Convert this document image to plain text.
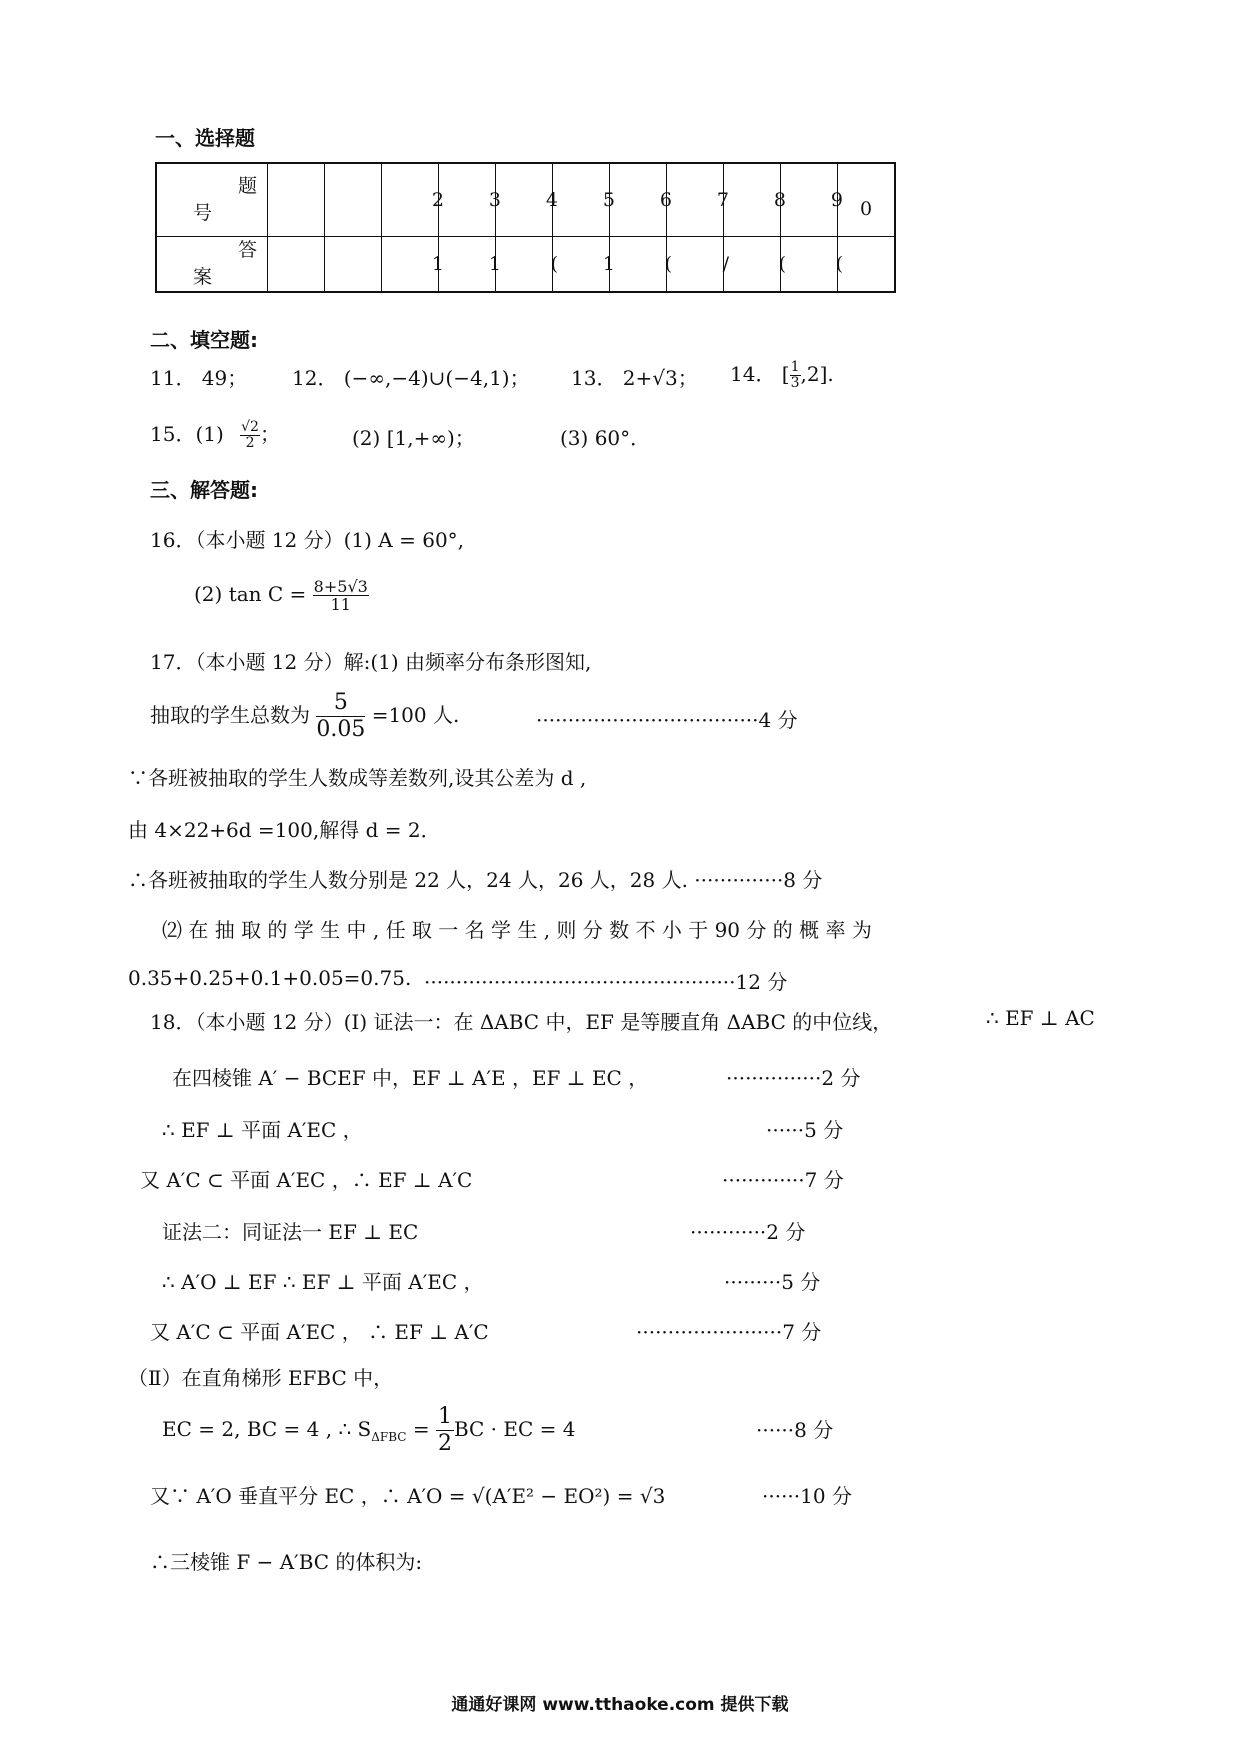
一、选择题
题
号			2	3	4	5	6	7	8	9	0

答
案			1	1	(	1	(	/	(	(	
二、填空题:
11． 49； 12． (−∞,−4)∪(−4,1)； 13． 2+√3； 14． [ $\frac{1}{3} ,2$].
15．$(1) \frac{√2}{2}$ ；	(2) [1,+∞)；	(3) 60°．
三、解答题:
16．（本小题 12 分）(1) A = 60°,
(2) $\tan C = \frac{8+5√3}{11}$
17．（本小题 12 分）解:(1) 由频率分布条形图知,
抽取的学生总数为 $\frac{5}{0.05} =100$ 人.	···································4 分
∵各班被抽取的学生人数成等差数列,设其公差为 d ,
由 4×22+6d =100,解得 d = 2．
∴各班被抽取的学生人数分别是 22 人，24 人，26 人，28 人. ··············8 分
⑵ 在 抽 取 的 学 生 中 , 任 取 一 名 学 生 , 则 分 数 不 小 于 90 分 的 概 率 为
0.35+0.25+0.1+0.05=0.75. ·················································12 分
18．（本小题 12 分）(Ⅰ) 证法一：在 ΔABC 中，EF 是等腰直角 ΔABC 的中位线，	∴ EF ⊥ AC
在四棱锥 A′ − BCEF 中，EF ⊥ A′E ，EF ⊥ EC ，	···············2 分
∴ EF ⊥ 平面 A′EC ，	······5 分
又 A′C ⊂ 平面 A′EC ，∴ EF ⊥ A′C	·············7 分
证法二：同证法一 EF ⊥ EC	············2 分
∴ A′O ⊥ EF ∴ EF ⊥ 平面 A′EC ，	·········5 分
又 A′C ⊂ 平面 A′EC ， ∴ EF ⊥ A′C	·······················7 分
（Ⅱ）在直角梯形 EFBC 中，
EC = 2, BC = 4 , ∴ $S_{\Delta FBC} = \frac{1}{2}$ BC · EC = 4	······8 分
又∵ A′O 垂直平分 EC ，∴ A′O = √(A′E² − EO²) = √3	······10 分
∴三棱锥 F − A′BC 的体积为:
通通好课网 www.tthaoke.com 提供下载
